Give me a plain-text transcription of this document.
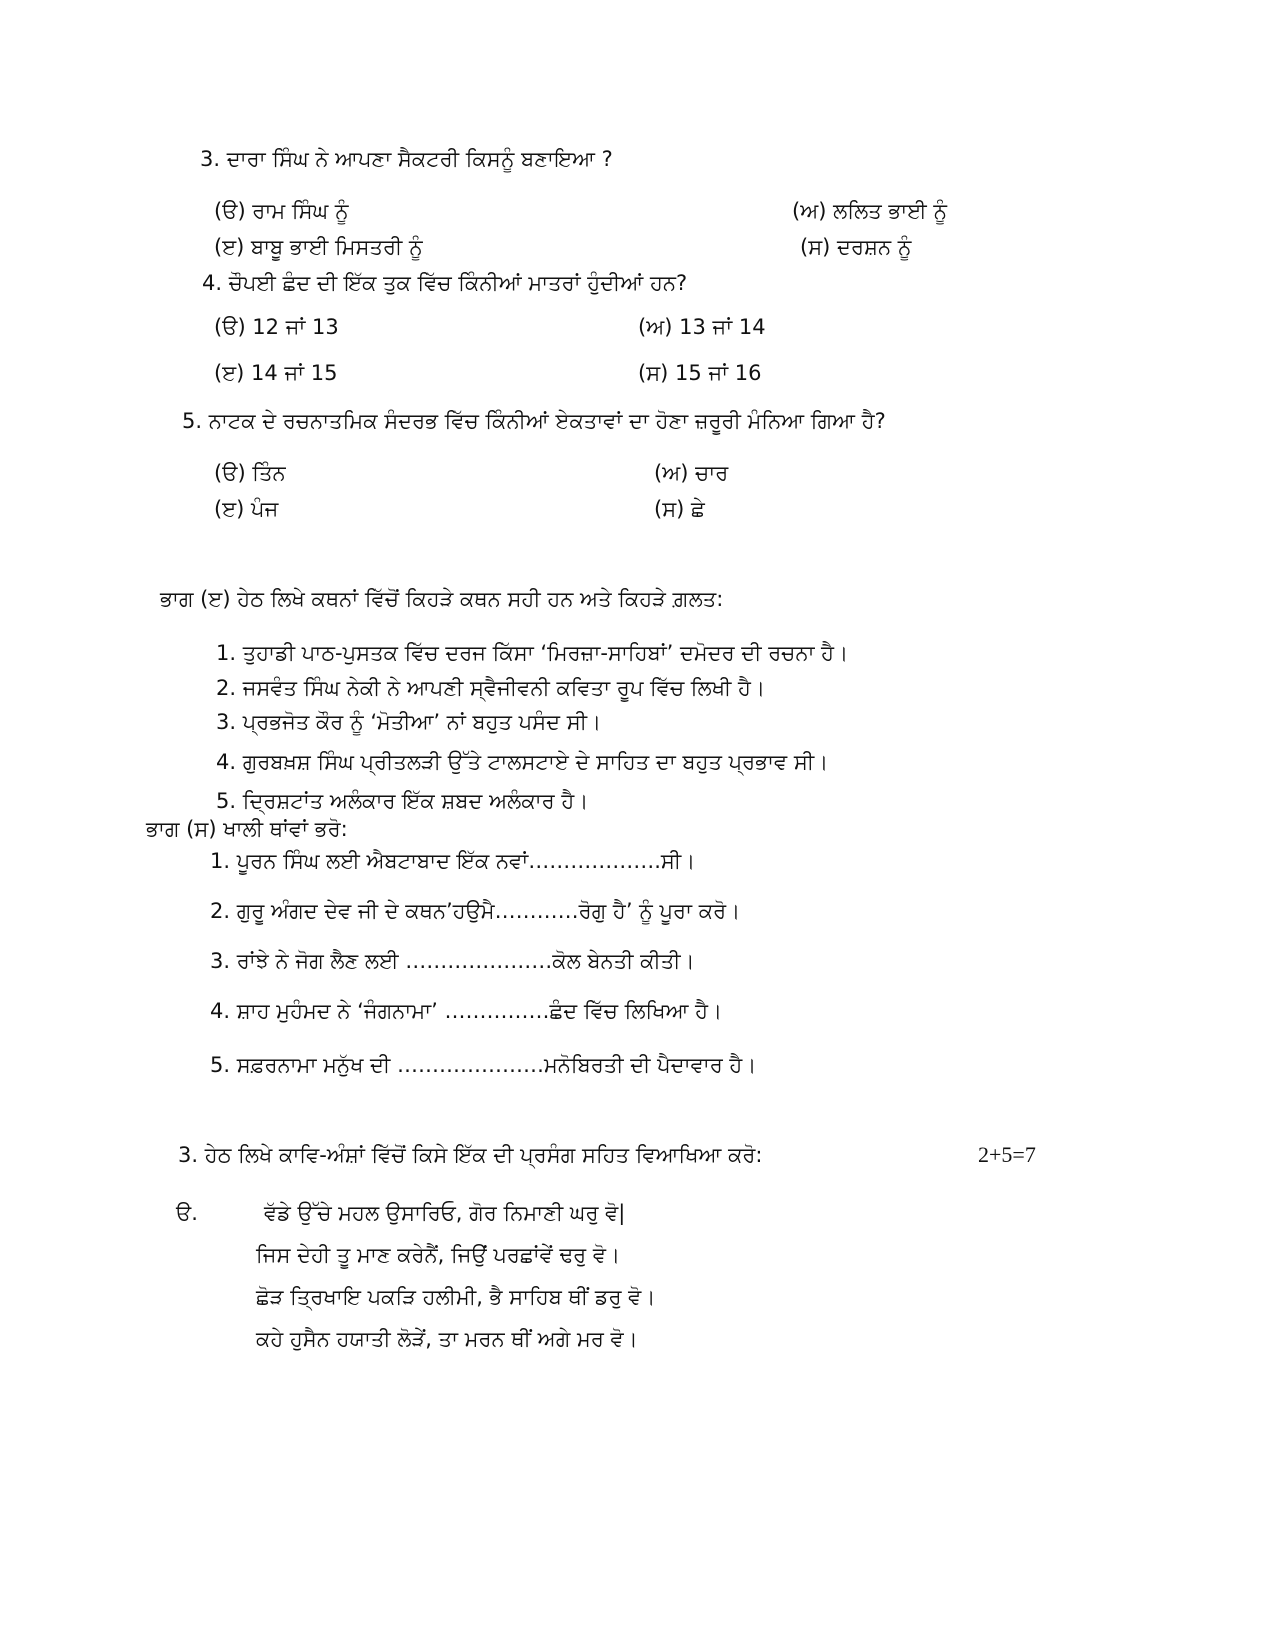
3. ਦਾਰਾ ਸਿੰਘ ਨੇ ਆਪਣਾ ਸੈਕਟਰੀ ਕਿਸਨੂੰ ਬਣਾਇਆ ?
(ੳ) ਰਾਮ ਸਿੰਘ ਨੂੰ	(ਅ) ਲਲਿਤ ਭਾਈ ਨੂੰ
(ੲ) ਬਾਬੂ ਭਾਈ ਮਿਸਤਰੀ ਨੂੰ	(ਸ) ਦਰਸ਼ਨ ਨੂੰ
4. ਚੌਪਈ ਛੰਦ ਦੀ ਇੱਕ ਤੁਕ ਵਿੱਚ ਕਿੰਨੀਆਂ ਮਾਤਰਾਂ ਹੁੰਦੀਆਂ ਹਨ?
(ੳ) 12 ਜਾਂ 13	(ਅ) 13 ਜਾਂ 14
(ੲ) 14 ਜਾਂ 15	(ਸ) 15 ਜਾਂ 16
5. ਨਾਟਕ ਦੇ ਰਚਨਾਤਮਿਕ ਸੰਦਰਭ ਵਿੱਚ ਕਿੰਨੀਆਂ ਏਕਤਾਵਾਂ ਦਾ ਹੋਣਾ ਜ਼ਰੂਰੀ ਮੰਨਿਆ ਗਿਆ ਹੈ?
(ੳ) ਤਿੰਨ	(ਅ) ਚਾਰ
(ੲ) ਪੰਜ	(ਸ) ਛੇ
ਭਾਗ (ੲ) ਹੇਠ ਲਿਖੇ ਕਥਨਾਂ ਵਿੱਚੋਂ ਕਿਹੜੇ ਕਥਨ ਸਹੀ ਹਨ ਅਤੇ ਕਿਹੜੇ ਗ਼ਲਤ:
1. ਤੁਹਾਡੀ ਪਾਠ-ਪੁਸਤਕ ਵਿੱਚ ਦਰਜ ਕਿੱਸਾ ‘ਮਿਰਜ਼ਾ-ਸਾਹਿਬਾਂ’ ਦਮੋਦਰ ਦੀ ਰਚਨਾ ਹੈ।
2. ਜਸਵੰਤ ਸਿੰਘ ਨੇਕੀ ਨੇ ਆਪਣੀ ਸ੍ਵੈਜੀਵਨੀ ਕਵਿਤਾ ਰੂਪ ਵਿੱਚ ਲਿਖੀ ਹੈ।
3. ਪ੍ਰਭਜੋਤ ਕੌਰ ਨੂੰ ‘ਮੋਤੀਆ’ ਨਾਂ ਬਹੁਤ ਪਸੰਦ ਸੀ।
4. ਗੁਰਬਖ਼ਸ਼ ਸਿੰਘ ਪ੍ਰੀਤਲੜੀ ਉੱਤੇ ਟਾਲਸਟਾਏ ਦੇ ਸਾਹਿਤ ਦਾ ਬਹੁਤ ਪ੍ਰਭਾਵ ਸੀ।
5. ਦ੍ਰਿਸ਼ਟਾਂਤ ਅਲੰਕਾਰ ਇੱਕ ਸ਼ਬਦ ਅਲੰਕਾਰ ਹੈ।
ਭਾਗ (ਸ) ਖਾਲੀ ਥਾਂਵਾਂ ਭਰੋ:
1. ਪੂਰਨ ਸਿੰਘ ਲਈ ਐਬਟਾਬਾਦ ਇੱਕ ਨਵਾਂ……………….ਸੀ।
2. ਗੁਰੂ ਅੰਗਦ ਦੇਵ ਜੀ ਦੇ ਕਥਨ’ਹਉਮੈ…………ਰੋਗੁ ਹੈ’ ਨੂੰ ਪੂਰਾ ਕਰੋ।
3. ਰਾਂਝੇ ਨੇ ਜੋਗ ਲੈਣ ਲਈ …………………ਕੋਲ ਬੇਨਤੀ ਕੀਤੀ।
4. ਸ਼ਾਹ ਮੁਹੰਮਦ ਨੇ ‘ਜੰਗਨਾਮਾ’ ……………ਛੰਦ ਵਿੱਚ ਲਿਖਿਆ ਹੈ।
5. ਸਫ਼ਰਨਾਮਾ ਮਨੁੱਖ ਦੀ …………………ਮਨੋਬਿਰਤੀ ਦੀ ਪੈਦਾਵਾਰ ਹੈ।
3. ਹੇਠ ਲਿਖੇ ਕਾਵਿ-ਅੰਸ਼ਾਂ ਵਿੱਚੋਂ ਕਿਸੇ ਇੱਕ ਦੀ ਪ੍ਰਸੰਗ ਸਹਿਤ ਵਿਆਖਿਆ ਕਰੋ:	2+5=7
ੳ.	ਵੱਡੇ ਉੱਚੇ ਮਹਲ ਉਸਾਰਿਓ, ਗੋਰ ਨਿਮਾਣੀ ਘਰੁ ਵੋ|
ਜਿਸ ਦੇਹੀ ਤੂ ਮਾਣ ਕਰੇਨੈਂ, ਜਿਉਂ ਪਰਛਾਂਵੇਂ ਢਰੁ ਵੋ।
ਛੋੜ ਤ੍ਰਿਖਾਇ ਪਕੜਿ ਹਲੀਮੀ, ਭੈ ਸਾਹਿਬ ਥੀਂ ਡਰੁ ਵੋ।
ਕਹੇ ਹੁਸੈਨ ਹਯਾਤੀ ਲੋੜੇਂ, ਤਾ ਮਰਨ ਥੀਂ ਅਗੇ ਮਰ ਵੋ।
